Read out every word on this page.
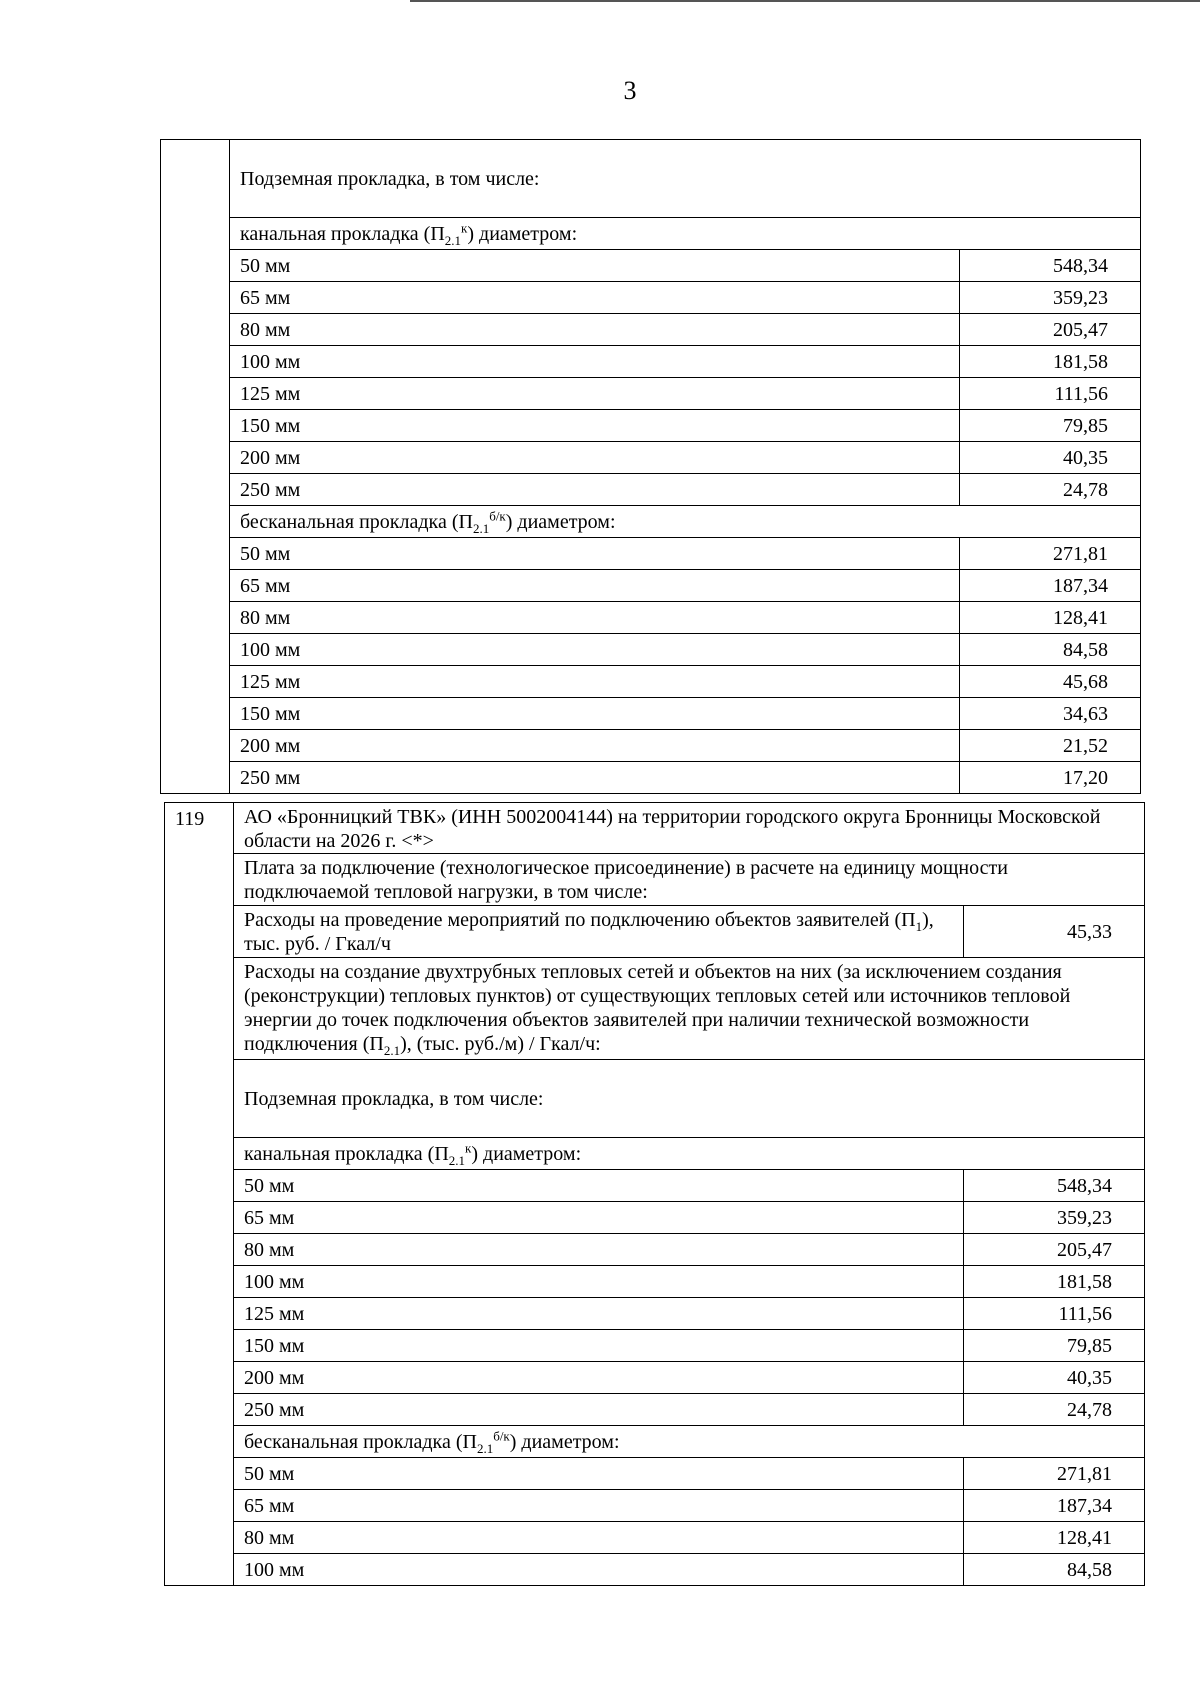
3
	Подземная прокладка, в том числе:	
	канальная прокладка $(П_{2.1}^к)$ диаметром:	
	50 мм	548,34
	65 мм	359,23
	80 мм	205,47
	100 мм	181,58
	125 мм	111,56
	150 мм	79,85
	200 мм	40,35
	250 мм	24,78
	бесканальная прокладка $(П_{2.1}^{б/к})$ диаметром:	
	50 мм	271,81
	65 мм	187,34
	80 мм	128,41
	100 мм	84,58
	125 мм	45,68
	150 мм	34,63
	200 мм	21,52
	250 мм	17,20
119	АО «Бронницкий ТВК» (ИНН 5002004144) на территории городского округа Бронницы Московской области на 2026 г. <*>	
	Плата за подключение (технологическое присоединение) в расчете на единицу мощности подключаемой тепловой нагрузки, в том числе:	
	Расходы на проведение мероприятий по подключению объектов заявителей $(П_1)$, тыс. руб. / Гкал/ч	45,33
	Расходы на создание двухтрубных тепловых сетей и объектов на них (за исключением создания (реконструкции) тепловых пунктов) от существующих тепловых сетей или источников тепловой энергии до точек подключения объектов заявителей при наличии технической возможности подключения $(П_{2.1})$, (тыс. руб./м) / Гкал/ч:	
	Подземная прокладка, в том числе:	
	канальная прокладка $(П_{2.1}^к)$ диаметром:	
	50 мм	548,34
	65 мм	359,23
	80 мм	205,47
	100 мм	181,58
	125 мм	111,56
	150 мм	79,85
	200 мм	40,35
	250 мм	24,78
	бесканальная прокладка $(П_{2.1}^{б/к})$ диаметром:	
	50 мм	271,81
	65 мм	187,34
	80 мм	128,41
	100 мм	84,58
